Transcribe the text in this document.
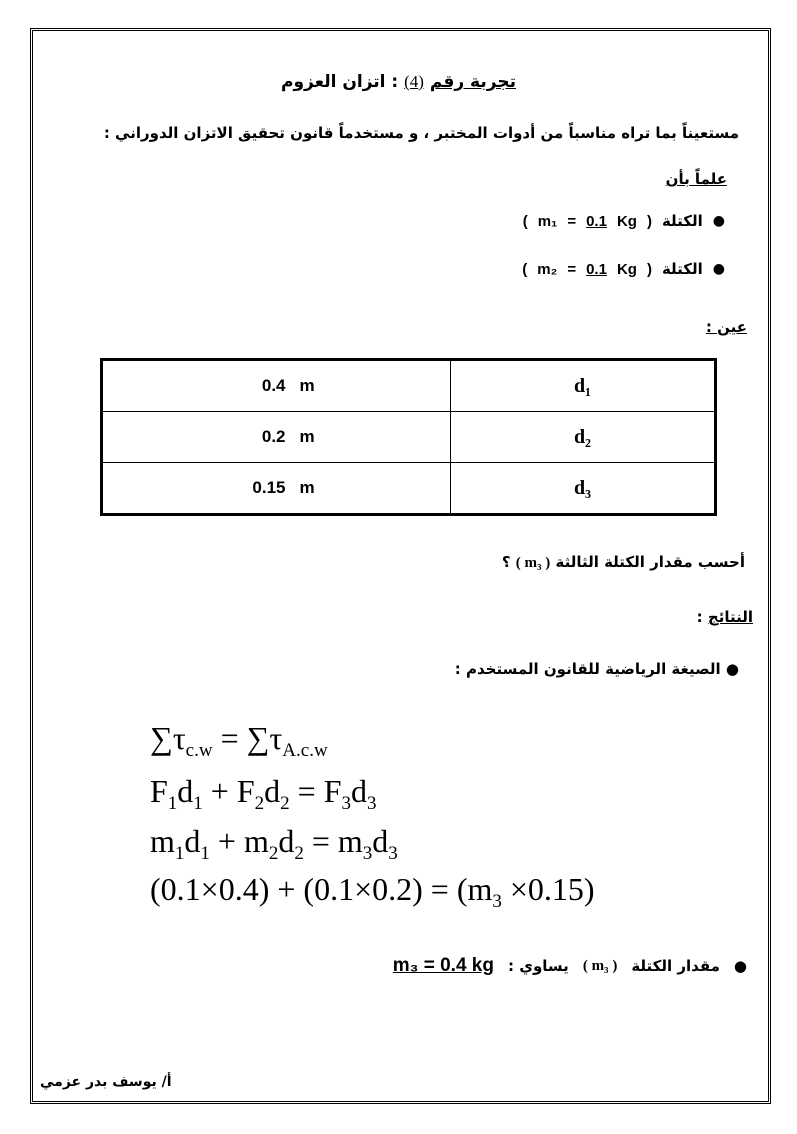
تجربة رقم (4) : اتزان العزوم
مستعيناً بما تراه مناسباً من أدوات المختبر ، و مستخدماً قانون تحقيق الاتزان الدوراني :
علماً بأن
●
الكتلة
( m₁ = 0.1 Kg )
●
الكتلة
( m₂ = 0.1 Kg )
عين :
0.4 m	d₁
0.2 m	d₂
0.15 m	d₃
أحسب مقدار الكتلة الثالثة ( m₃ ) ؟
النتائج :
● الصيغة الرياضية للقانون المستخدم :
$\sum\tau_{c.w} = \sum\tau_{A.c.w}$
$F_1d_1 + F_2d_2 = F_3d_3$
$m_1d_1 + m_2d_2 = m_3d_3$
$(0.1\times 0.4) + (0.1\times 0.2) = (m_3 \times 0.15)$
●
مقدار الكتلة
( m₃ )
يساوي :
m₃ = 0.4 kg
أ/ يوسف بدر عزمي
